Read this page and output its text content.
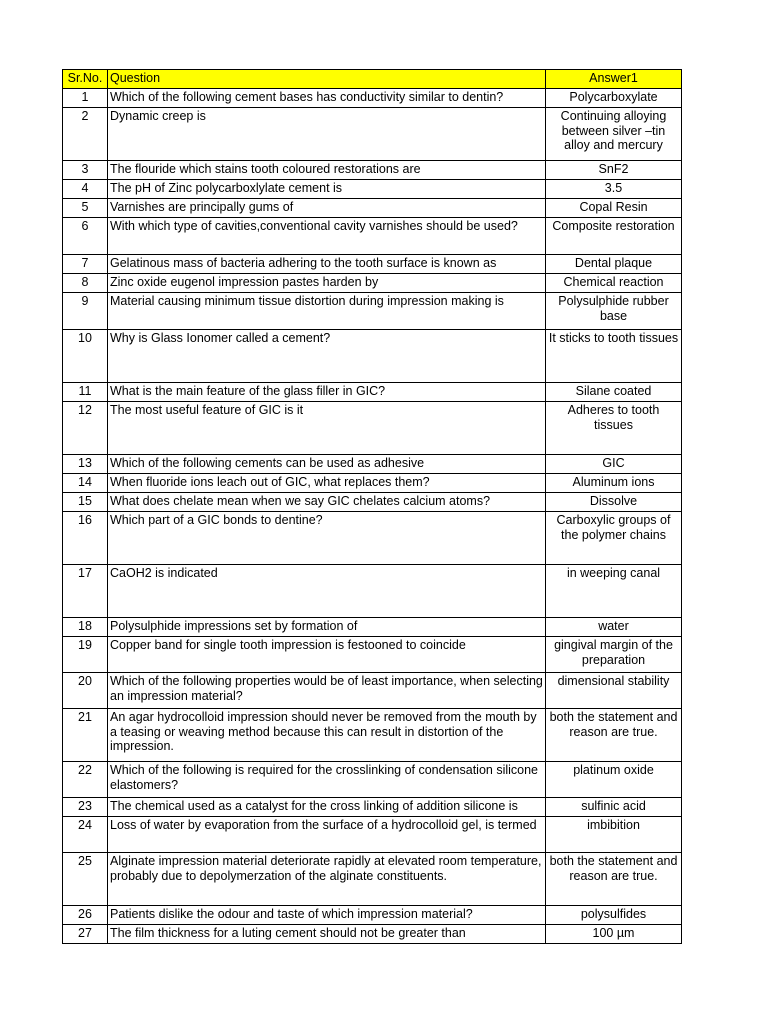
Sr.No.	Question	Answer1
1	Which of the following cement bases has conductivity similar to dentin?	Polycarboxylate
2	Dynamic creep is	Continuing alloying between silver –tin alloy and mercury
3	The flouride which stains tooth coloured restorations are	SnF2
4	The pH of Zinc polycarboxlylate cement is	3.5
5	Varnishes are principally gums of	Copal Resin
6	With which type of cavities,conventional cavity varnishes should be used?	Composite restoration
7	Gelatinous mass of bacteria adhering to the tooth surface is known as	Dental plaque
8	Zinc oxide eugenol impression pastes harden by	Chemical reaction
9	Material causing minimum tissue distortion during impression making is	Polysulphide rubber base
10	Why is Glass Ionomer called a cement?	It sticks to tooth tissues
11	What is the main feature of the glass filler in GIC?	Silane coated
12	The most useful feature of GIC is it	Adheres to tooth tissues
13	Which of the following cements can be used as adhesive	GIC
14	When fluoride ions leach out of GIC, what replaces them?	Aluminum ions
15	What does chelate mean when we say GIC chelates calcium atoms?	Dissolve
16	Which part of a GIC bonds to dentine?	Carboxylic groups of the polymer chains
17	CaOH2 is indicated	in weeping canal
18	Polysulphide impressions set by formation of	water
19	Copper band for single tooth impression is festooned to coincide	gingival margin of the preparation
20	Which of the following properties would be of least importance, when selecting an impression material?	dimensional stability
21	An agar hydrocolloid impression should never be removed from the mouth by a teasing or weaving method because this can result in distortion of the impression.	both the statement and reason are true.
22	Which of the following is required for the crosslinking of condensation silicone elastomers?	platinum oxide
23	The chemical used as a catalyst for the cross linking of addition silicone is	sulfinic acid
24	Loss of water by evaporation from the surface of a hydrocolloid gel, is termed	imbibition
25	Alginate impression material deteriorate rapidly at elevated room temperature, probably due to depolymerzation of the alginate constituents.	both the statement and reason are true.
26	Patients dislike the odour and taste of which impression material?	polysulfides
27	The film thickness for a luting cement should not be greater than	100 µm
